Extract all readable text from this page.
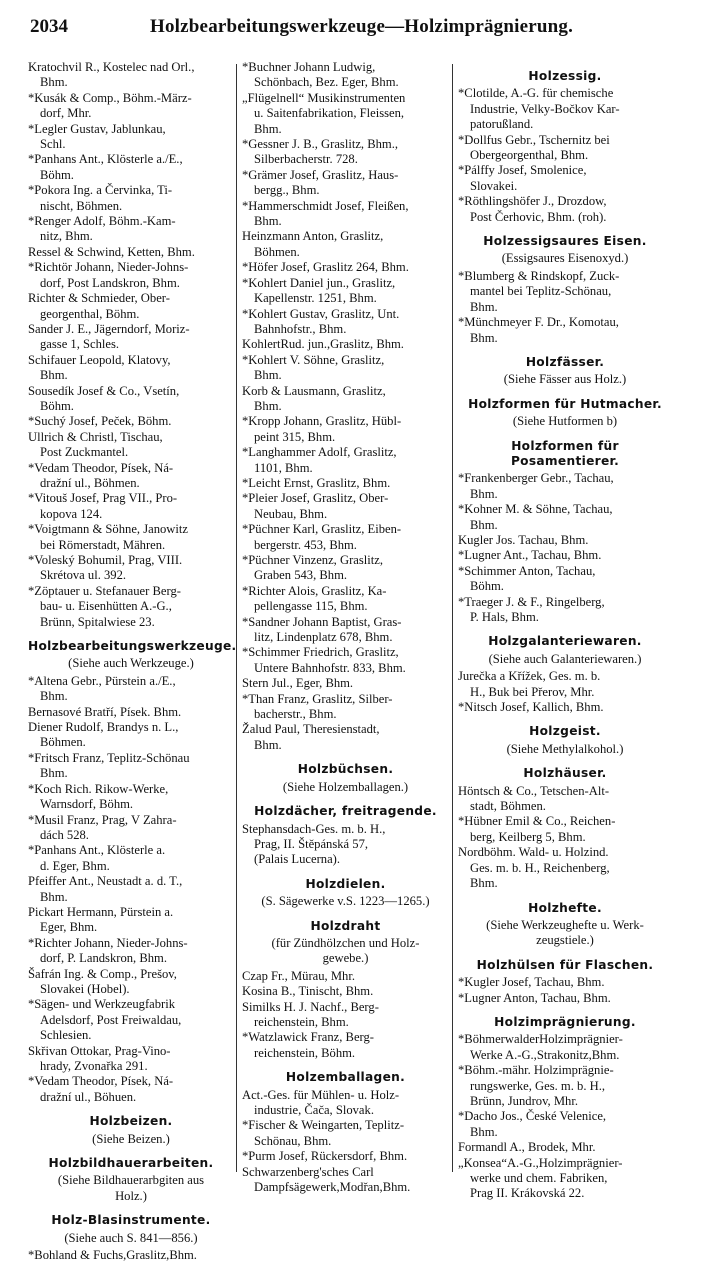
2034	Holzbearbeitungswerkzeuge—Holzimprägnierung.
Kratochvil R., Kostelec nad Orl.,
Bhm.
*Kusák & Comp., Böhm.-März-
dorf, Mhr.
*Legler Gustav, Jablunkau,
Schl.
*Panhans Ant., Klösterle a./E.,
Böhm.
*Pokora Ing. a Červinka, Ti-
nischt, Böhmen.
*Renger Adolf, Böhm.-Kam-
nitz, Bhm.
Ressel & Schwind, Ketten, Bhm.
*Richtör Johann, Nieder-Johns-
dorf, Post Landskron, Bhm.
Richter & Schmieder, Ober-
georgenthal, Böhm.
Sander J. E., Jägerndorf, Moriz-
gasse 1, Schles.
Schifauer Leopold, Klatovy,
Bhm.
Sousedík Josef & Co., Vsetín,
Böhm.
*Suchý Josef, Peček, Böhm.
Ullrich & Christl, Tischau,
Post Zuckmantel.
*Vedam Theodor, Písek, Ná-
dražní ul., Böhmen.
*Vitouš Josef, Prag VII., Pro-
kopova 124.
*Voigtmann & Söhne, Janowitz
bei Römerstadt, Mähren.
*Voleský Bohumil, Prag, VIII.
Skrétova ul. 392.
*Zöptauer u. Stefanauer Berg-
bau- u. Eisenhütten A.-G.,
Brünn, Spitalwiese 23.
Holzbearbeitungswerkzeuge.
(Siehe auch Werkzeuge.)
*Altena Gebr., Pürstein a./E.,
Bhm.
Bernasové Bratří, Písek. Bhm.
Diener Rudolf, Brandys n. L.,
Böhmen.
*Fritsch Franz, Teplitz-Schönau
Bhm.
*Koch Rich. Rikow-Werke,
Warnsdorf, Böhm.
*Musil Franz, Prag, V Zahra-
dách 528.
*Panhans Ant., Klösterle a.
d. Eger, Bhm.
Pfeiffer Ant., Neustadt a. d. T.,
Bhm.
Pickart Hermann, Pürstein a.
Eger, Bhm.
*Richter Johann, Nieder-Johns-
dorf, P. Landskron, Bhm.
Šafrán Ing. & Comp., Prešov,
Slovakei (Hobel).
*Sägen- und Werkzeugfabrik
Adelsdorf, Post Freiwaldau,
Schlesien.
Skřivan Ottokar, Prag-Vino-
hrady, Zvonařka 291.
*Vedam Theodor, Písek, Ná-
dražní ul., Böhuen.
Holzbeizen.
(Siehe Beizen.)
Holzbildhauerarbeiten.
(Siehe Bildhauerarbgiten aus
Holz.)
Holz-Blasinstrumente.
(Siehe auch S. 841—856.)
*Bohland & Fuchs,Graslitz,Bhm.
*Buchner Johann Ludwig,
Schönbach, Bez. Eger, Bhm.
„Flügelnell“ Musikinstrumenten
u. Saitenfabrikation, Fleissen,
Bhm.
*Gessner J. B., Graslitz, Bhm.,
Silberbacherstr. 728.
*Grämer Josef, Graslitz, Haus-
bergg., Bhm.
*Hammerschmidt Josef, Fleißen,
Bhm.
Heinzmann Anton, Graslitz,
Böhmen.
*Höfer Josef, Graslitz 264, Bhm.
*Kohlert Daniel jun., Graslitz,
Kapellenstr. 1251, Bhm.
*Kohlert Gustav, Graslitz, Unt.
Bahnhofstr., Bhm.
KohlertRud. jun.,Graslitz, Bhm.
*Kohlert V. Söhne, Graslitz,
Bhm.
Korb & Lausmann, Graslitz,
Bhm.
*Kropp Johann, Graslitz, Hübl-
peint 315, Bhm.
*Langhammer Adolf, Graslitz,
1101, Bhm.
*Leicht Ernst, Graslitz, Bhm.
*Pleier Josef, Graslitz, Ober-
Neubau, Bhm.
*Püchner Karl, Graslitz, Eiben-
bergerstr. 453, Bhm.
*Püchner Vinzenz, Graslitz,
Graben 543, Bhm.
*Richter Alois, Graslitz, Ka-
pellengasse 115, Bhm.
*Sandner Johann Baptist, Gras-
litz, Lindenplatz 678, Bhm.
*Schimmer Friedrich, Graslitz,
Untere Bahnhofstr. 833, Bhm.
Stern Jul., Eger, Bhm.
*Than Franz, Graslitz, Silber-
bacherstr., Bhm.
Žalud Paul, Theresienstadt,
Bhm.
Holzbüchsen.
(Siehe Holzemballagen.)
Holzdächer, freitragende.
Stephansdach-Ges. m. b. H.,
Prag, II. Štěpánská 57,
(Palais Lucerna).
Holzdielen.
(S. Sägewerke v.S. 1223—1265.)
Holzdraht
(für Zündhölzchen und Holz-
gewebe.)
Czap Fr., Mürau, Mhr.
Kosina B., Tinischt, Bhm.
Similks H. J. Nachf., Berg-
reichenstein, Bhm.
*Watzlawick Franz, Berg-
reichenstein, Böhm.
Holzemballagen.
Act.-Ges. für Mühlen- u. Holz-
industrie, Čača, Slovak.
*Fischer & Weingarten, Teplitz-
Schönau, Bhm.
*Purm Josef, Rückersdorf, Bhm.
Schwarzenberg'sches Carl
Dampfsägewerk,Modřan,Bhm.
Holzessig.
*Clotilde, A.-G. für chemische
Industrie, Velky-Bočkov Kar-
patorußland.
*Dollfus Gebr., Tschernitz bei
Obergeorgenthal, Bhm.
*Pálffy Josef, Smolenice,
Slovakei.
*Röthlingshöfer J., Drozdow,
Post Čerhovic, Bhm. (roh).
Holzessigsaures Eisen.
(Essigsaures Eisenoxyd.)
*Blumberg & Rindskopf, Zuck-
mantel bei Teplitz-Schönau,
Bhm.
*Münchmeyer F. Dr., Komotau,
Bhm.
Holzfässer.
(Siehe Fässer aus Holz.)
Holzformen für Hutmacher.
(Siehe Hutformen b)
Holzformen für Posamentierer.
*Frankenberger Gebr., Tachau,
Bhm.
*Kohner M. & Söhne, Tachau,
Bhm.
Kugler Jos. Tachau, Bhm.
*Lugner Ant., Tachau, Bhm.
*Schimmer Anton, Tachau,
Böhm.
*Traeger J. & F., Ringelberg,
P. Hals, Bhm.
Holzgalanteriewaren.
(Siehe auch Galanteriewaren.)
Jurečka a Křížek, Ges. m. b.
H., Buk bei Přerov, Mhr.
*Nitsch Josef, Kallich, Bhm.
Holzgeist.
(Siehe Methylalkohol.)
Holzhäuser.
Höntsch & Co., Tetschen-Alt-
stadt, Böhmen.
*Hübner Emil & Co., Reichen-
berg, Keilberg 5, Bhm.
Nordböhm. Wald- u. Holzind.
Ges. m. b. H., Reichenberg,
Bhm.
Holzhefte.
(Siehe Werkzeughefte u. Werk-
zeugstiele.)
Holzhülsen für Flaschen.
*Kugler Josef, Tachau, Bhm.
*Lugner Anton, Tachau, Bhm.
Holzimprägnierung.
*BöhmerwalderHolzimprägnier-
Werke A.-G.,Strakonitz,Bhm.
*Böhm.-mähr. Holzimprägnie-
rungswerke, Ges. m. b. H.,
Brünn, Jundrov, Mhr.
*Dacho Jos., České Velenice,
Bhm.
Formandl A., Brodek, Mhr.
„Konsea“A.-G.,Holzimprägnier-
werke und chem. Fabriken,
Prag II. Krákovská 22.
